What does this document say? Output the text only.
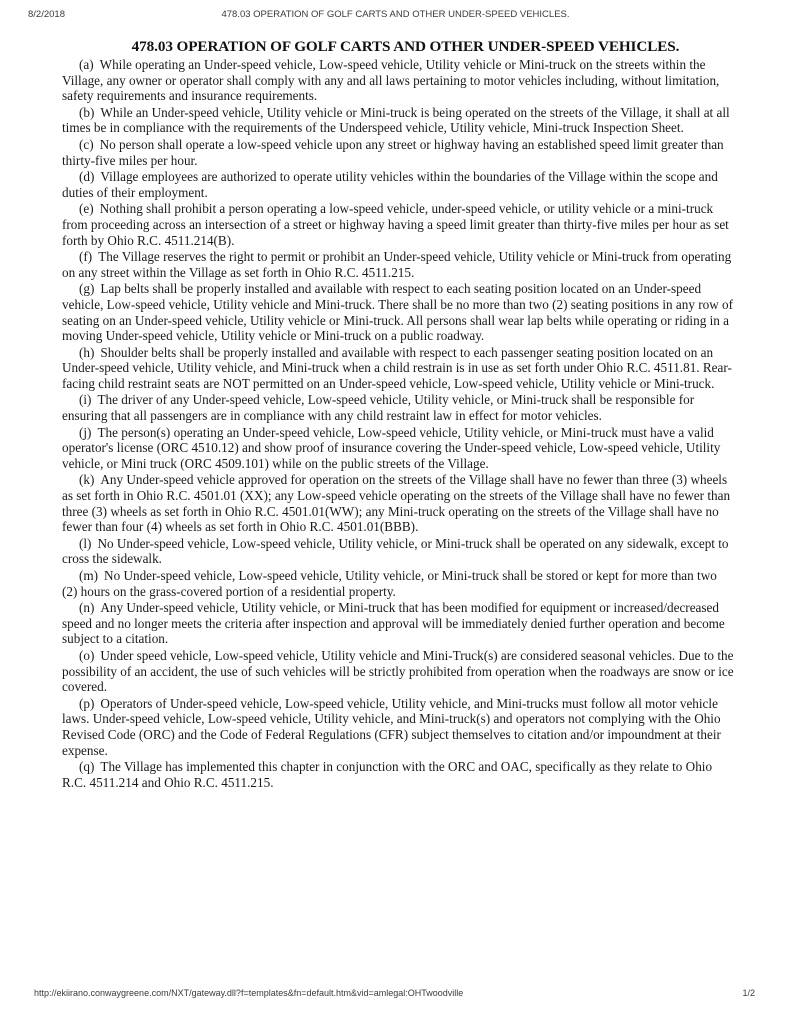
8/2/2018	478.03 OPERATION OF GOLF CARTS AND OTHER UNDER-SPEED VEHICLES.
478.03 OPERATION OF GOLF CARTS AND OTHER UNDER-SPEED VEHICLES.

(a) While operating an Under-speed vehicle, Low-speed vehicle, Utility vehicle or Mini-truck on the streets within the Village, any owner or operator shall comply with any and all laws pertaining to motor vehicles including, without limitation, safety requirements and insurance requirements.

(b) While an Under-speed vehicle, Utility vehicle or Mini-truck is being operated on the streets of the Village, it shall at all times be in compliance with the requirements of the Underspeed vehicle, Utility vehicle, Mini-truck Inspection Sheet.

(c) No person shall operate a low-speed vehicle upon any street or highway having an established speed limit greater than thirty-five miles per hour.

(d) Village employees are authorized to operate utility vehicles within the boundaries of the Village within the scope and duties of their employment.

(e) Nothing shall prohibit a person operating a low-speed vehicle, under-speed vehicle, or utility vehicle or a mini-truck from proceeding across an intersection of a street or highway having a speed limit greater than thirty-five miles per hour as set forth by Ohio R.C. 4511.214(B).

(f) The Village reserves the right to permit or prohibit an Under-speed vehicle, Utility vehicle or Mini-truck from operating on any street within the Village as set forth in Ohio R.C. 4511.215.

(g) Lap belts shall be properly installed and available with respect to each seating position located on an Under-speed vehicle, Low-speed vehicle, Utility vehicle and Mini-truck. There shall be no more than two (2) seating positions in any row of seating on an Under-speed vehicle, Utility vehicle or Mini-truck. All persons shall wear lap belts while operating or riding in a moving Under-speed vehicle, Utility vehicle or Mini-truck on a public roadway.

(h) Shoulder belts shall be properly installed and available with respect to each passenger seating position located on an Under-speed vehicle, Utility vehicle, and Mini-truck when a child restrain is in use as set forth under Ohio R.C. 4511.81. Rear-facing child restraint seats are NOT permitted on an Under-speed vehicle, Low-speed vehicle, Utility vehicle or Mini-truck.

(i) The driver of any Under-speed vehicle, Low-speed vehicle, Utility vehicle, or Mini-truck shall be responsible for ensuring that all passengers are in compliance with any child restraint law in effect for motor vehicles.

(j) The person(s) operating an Under-speed vehicle, Low-speed vehicle, Utility vehicle, or Mini-truck must have a valid operator's license (ORC 4510.12) and show proof of insurance covering the Under-speed vehicle, Low-speed vehicle, Utility vehicle, or Mini truck (ORC 4509.101) while on the public streets of the Village.

(k) Any Under-speed vehicle approved for operation on the streets of the Village shall have no fewer than three (3) wheels as set forth in Ohio R.C. 4501.01 (XX); any Low-speed vehicle operating on the streets of the Village shall have no fewer than three (3) wheels as set forth in Ohio R.C. 4501.01(WW); any Mini-truck operating on the streets of the Village shall have no fewer than four (4) wheels as set forth in Ohio R.C. 4501.01(BBB).

(l) No Under-speed vehicle, Low-speed vehicle, Utility vehicle, or Mini-truck shall be operated on any sidewalk, except to cross the sidewalk.

(m) No Under-speed vehicle, Low-speed vehicle, Utility vehicle, or Mini-truck shall be stored or kept for more than two (2) hours on the grass-covered portion of a residential property.

(n) Any Under-speed vehicle, Utility vehicle, or Mini-truck that has been modified for equipment or increased/decreased speed and no longer meets the criteria after inspection and approval will be immediately denied further operation and become subject to a citation.

(o) Under speed vehicle, Low-speed vehicle, Utility vehicle and Mini-Truck(s) are considered seasonal vehicles. Due to the possibility of an accident, the use of such vehicles will be strictly prohibited from operation when the roadways are snow or ice covered.

(p) Operators of Under-speed vehicle, Low-speed vehicle, Utility vehicle, and Mini-trucks must follow all motor vehicle laws. Under-speed vehicle, Low-speed vehicle, Utility vehicle, and Mini-truck(s) and operators not complying with the Ohio Revised Code (ORC) and the Code of Federal Regulations (CFR) subject themselves to citation and/or impoundment at their expense.

(q) The Village has implemented this chapter in conjunction with the ORC and OAC, specifically as they relate to Ohio R.C. 4511.214 and Ohio R.C. 4511.215.

http://ekiirano.conwaygreene.com/NXT/gateway.dll?f=templates&fn=default.htm&vid=amlegal:OHTwoodville	1/2
